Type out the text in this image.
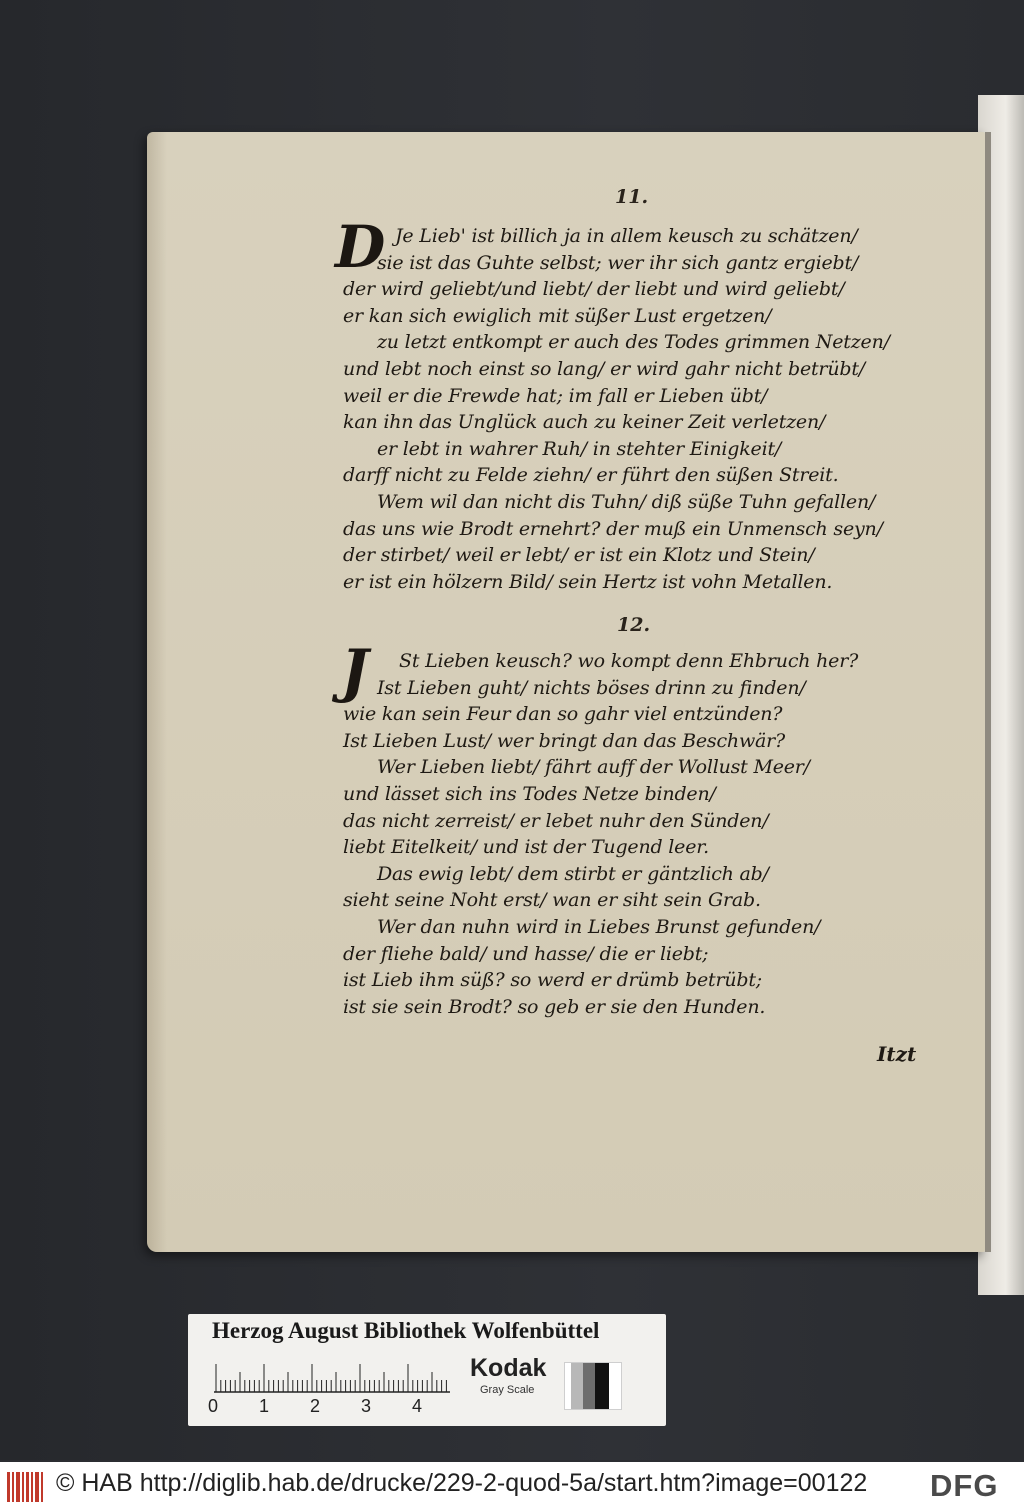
11.
D Je Lieb' ist billich ja in allem keusch zu schätzen/
sie ist das Guhte selbst; wer ihr sich gantz ergiebt/
der wird geliebt/und liebt/ der liebt und wird geliebt/
er kan sich ewiglich mit süßer Lust ergetzen/
zu letzt entkompt er auch des Todes grimmen Netzen/
und lebt noch einst so lang/ er wird gahr nicht betrübt/
weil er die Frewde hat; im fall er Lieben übt/
kan ihn das Unglück auch zu keiner Zeit verletzen/
er lebt in wahrer Ruh/ in stehter Einigkeit/
darff nicht zu Felde ziehn/ er führt den süßen Streit.
Wem wil dan nicht dis Tuhn/ diß süße Tuhn gefallen/
das uns wie Brodt ernehrt? der muß ein Unmensch seyn/
der stirbet/ weil er lebt/ er ist ein Klotz und Stein/
er ist ein hölzern Bild/ sein Hertz ist vohn Metallen.
12.
J St Lieben keusch? wo kompt denn Ehbruch her?
Ist Lieben guht/ nichts böses drinn zu finden/
wie kan sein Feur dan so gahr viel entzünden?
Ist Lieben Lust/ wer bringt dan das Beschwär?
Wer Lieben liebt/ fährt auff der Wollust Meer/
und lässet sich ins Todes Netze binden/
das nicht zerreist/ er lebet nuhr den Sünden/
liebt Eitelkeit/ und ist der Tugend leer.
Das ewig lebt/ dem stirbt er gäntzlich ab/
sieht seine Noht erst/ wan er siht sein Grab.
Wer dan nuhn wird in Liebes Brunst gefunden/
der fliehe bald/ und hasse/ die er liebt;
ist Lieb ihm süß? so werd er drümb betrübt;
ist sie sein Brodt? so geb er sie den Hunden.
Itzt
Herzog August Bibliothek Wolfenbüttel
0 1 2 3 4
Kodak
Gray Scale
© HAB http://diglib.hab.de/drucke/229-2-quod-5a/start.htm?image=00122 DFG
